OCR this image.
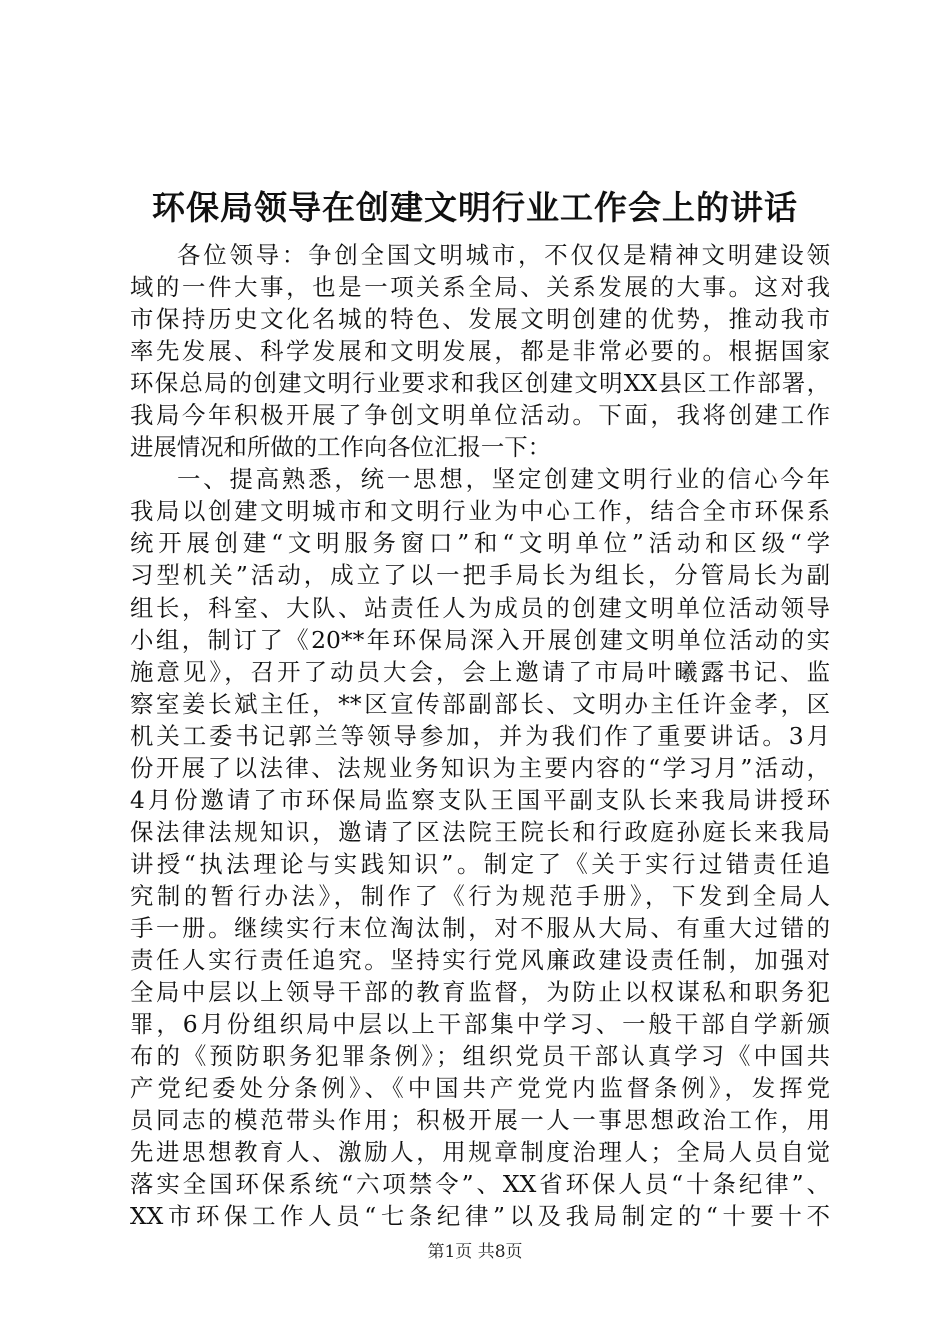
环保局领导在创建文明行业工作会上的讲话
各位领导：争创全国文明城市，不仅仅是精神文明建设领
域的一件大事，也是一项关系全局、关系发展的大事。这对我
市保持历史文化名城的特色、发展文明创建的优势，推动我市
率先发展、科学发展和文明发展，都是非常必要的。根据国家
环保总局的创建文明行业要求和我区创建文明XX县区工作部署，
我局今年积极开展了争创文明单位活动。下面，我将创建工作
进展情况和所做的工作向各位汇报一下：
一、提高熟悉，统一思想，坚定创建文明行业的信心今年
我局以创建文明城市和文明行业为中心工作，结合全市环保系
统开展创建“文明服务窗口”和“文明单位”活动和区级“学
习型机关”活动，成立了以一把手局长为组长，分管局长为副
组长，科室、大队、站责任人为成员的创建文明单位活动领导
小组，制订了《20**年环保局深入开展创建文明单位活动的实
施意见》，召开了动员大会，会上邀请了市局叶曦露书记、监
察室姜长斌主任，**区宣传部副部长、文明办主任许金孝，区
机关工委书记郭兰等领导参加，并为我们作了重要讲话。3月
份开展了以法律、法规业务知识为主要内容的“学习月”活动，
4月份邀请了市环保局监察支队王国平副支队长来我局讲授环
保法律法规知识，邀请了区法院王院长和行政庭孙庭长来我局
讲授“执法理论与实践知识”。制定了《关于实行过错责任追
究制的暂行办法》，制作了《行为规范手册》，下发到全局人
手一册。继续实行末位淘汰制，对不服从大局、有重大过错的
责任人实行责任追究。坚持实行党风廉政建设责任制，加强对
全局中层以上领导干部的教育监督，为防止以权谋私和职务犯
罪，6月份组织局中层以上干部集中学习、一般干部自学新颁
布的《预防职务犯罪条例》；组织党员干部认真学习《中国共
产党纪委处分条例》、《中国共产党党内监督条例》，发挥党
员同志的模范带头作用；积极开展一人一事思想政治工作，用
先进思想教育人、激励人，用规章制度治理人；全局人员自觉
落实全国环保系统“六项禁令”、XX省环保人员“十条纪律”、
XX市环保工作人员“七条纪律”以及我局制定的“十要十不
第1页 共8页
